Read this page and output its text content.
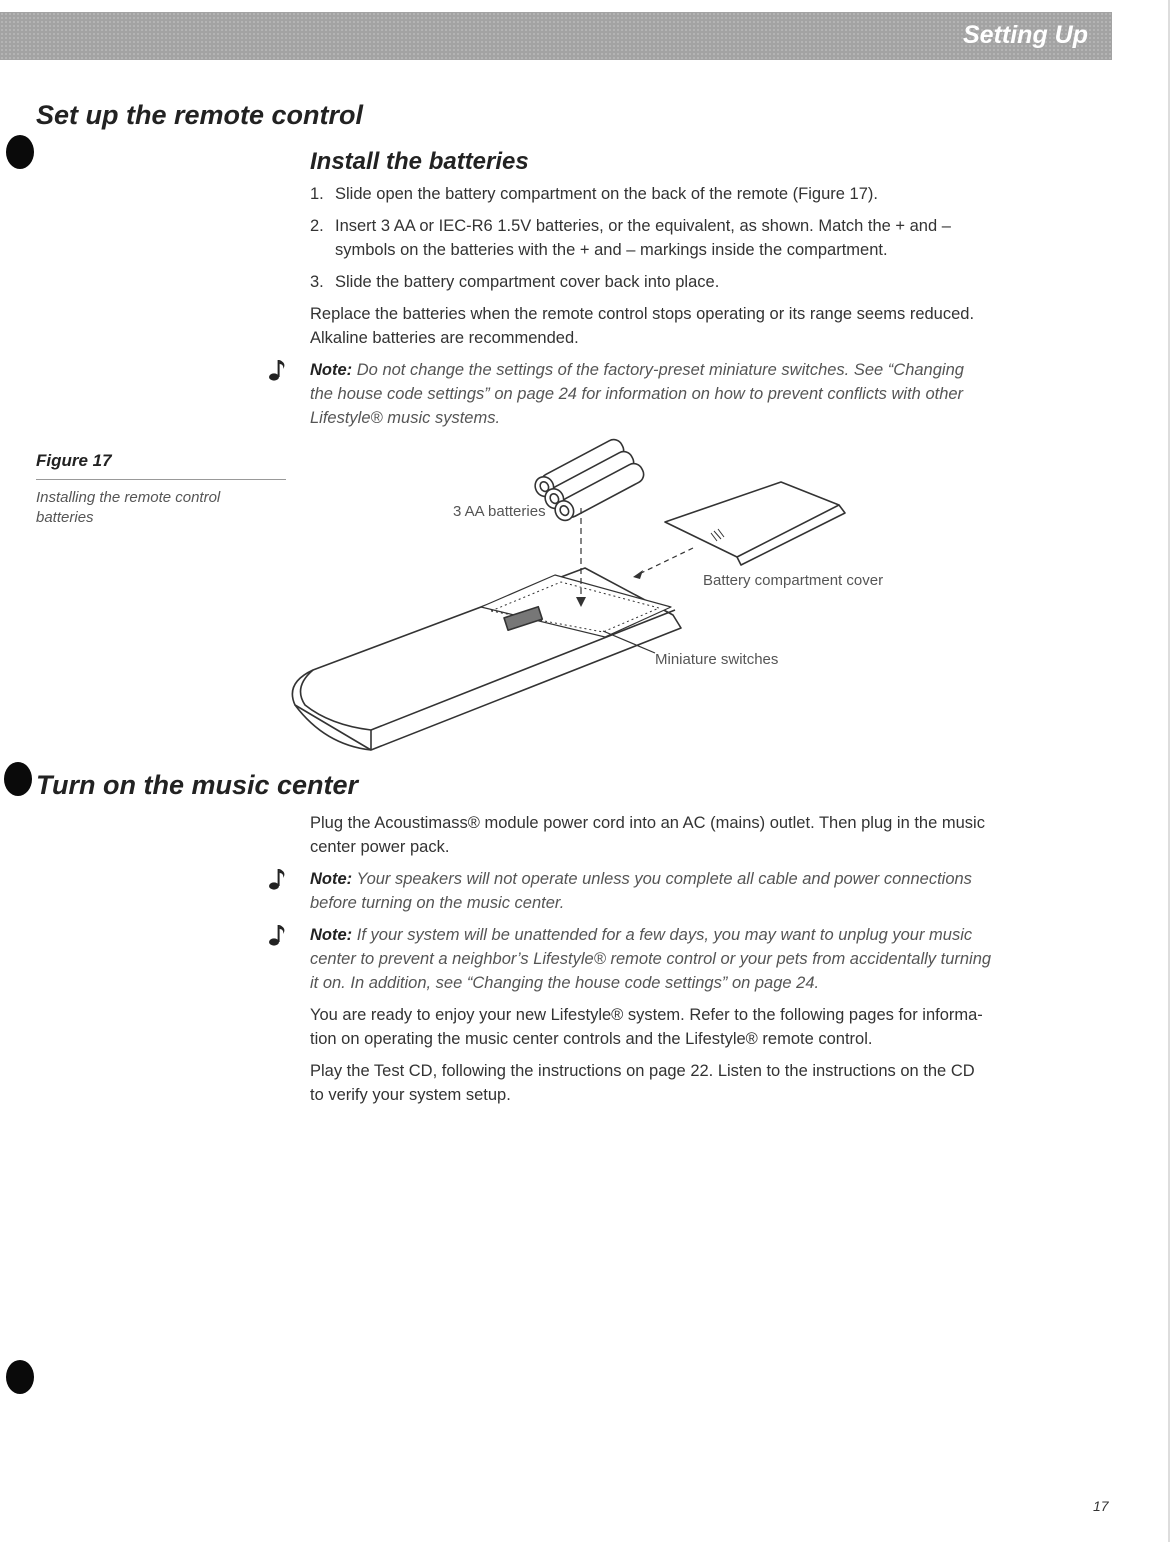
Setting Up
Set up the remote control
Install the batteries
1. Slide open the battery compartment on the back of the remote (Figure 17).
2. Insert 3 AA or IEC-R6 1.5V batteries, or the equivalent, as shown. Match the + and –
symbols on the batteries with the + and – markings inside the compartment.
3. Slide the battery compartment cover back into place.
Replace the batteries when the remote control stops operating or its range seems reduced.
Alkaline batteries are recommended.

Note: Do not change the settings of the factory-preset miniature switches. See “Changing
the house code settings” on page 24 for information on how to prevent conflicts with other
Lifestyle® music systems.

Figure 17
Installing the remote control
batteries	3 AA batteries
Battery compartment cover
Miniature switches
Turn on the music center

Plug the Acoustimass® module power cord into an AC (mains) outlet. Then plug in the music
center power pack.

Note: Your speakers will not operate unless you complete all cable and power connections
before turning on the music center.

Note: If your system will be unattended for a few days, you may want to unplug your music
center to prevent a neighbor’s Lifestyle® remote control or your pets from accidentally turning
it on. In addition, see “Changing the house code settings” on page 24.

You are ready to enjoy your new Lifestyle® system. Refer to the following pages for informa-
tion on operating the music center controls and the Lifestyle® remote control.

Play the Test CD, following the instructions on page 22. Listen to the instructions on the CD
to verify your system setup.

17
